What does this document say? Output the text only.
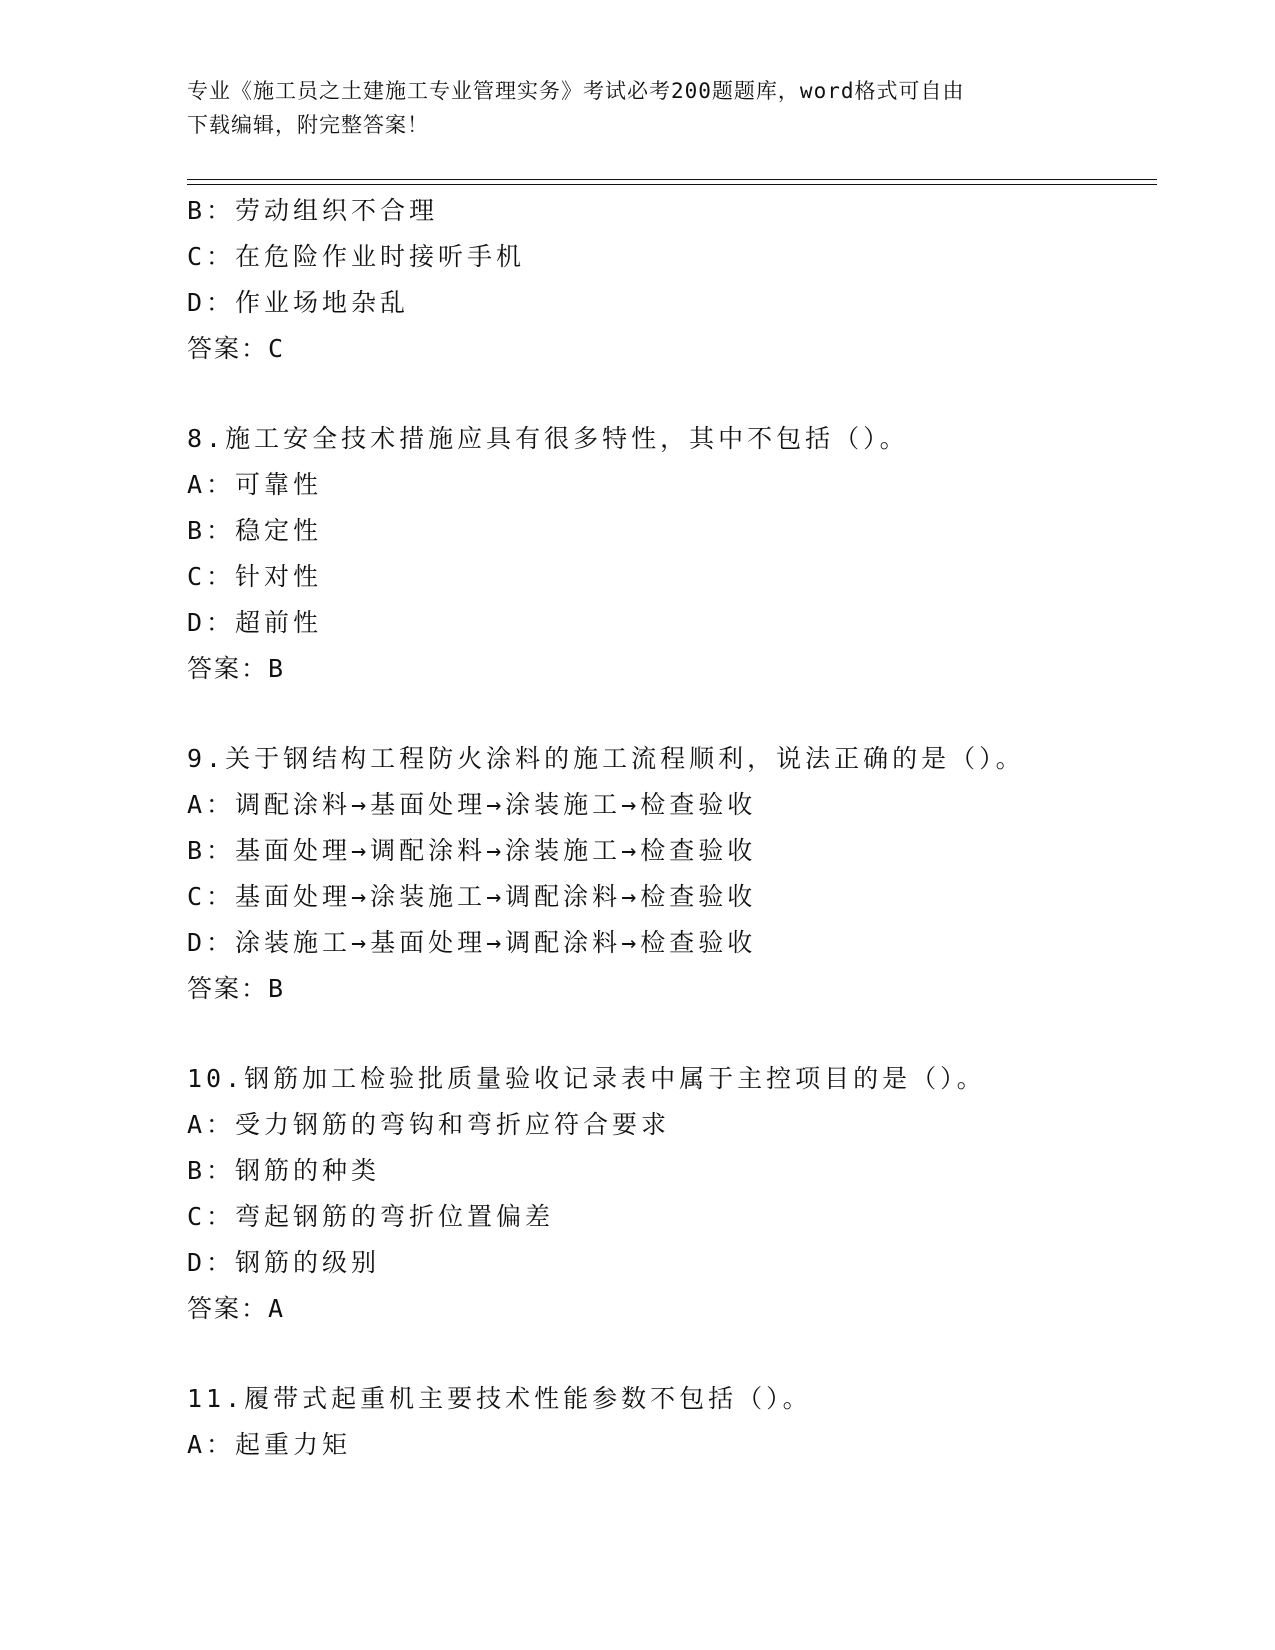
专业《施工员之土建施工专业管理实务》考试必考200题题库，word格式可自由
下载编辑，附完整答案！
B：劳动组织不合理
C：在危险作业时接听手机
D：作业场地杂乱
答案：C
8.施工安全技术措施应具有很多特性，其中不包括（）。
A：可靠性
B：稳定性
C：针对性
D：超前性
答案：B
9.关于钢结构工程防火涂料的施工流程顺利，说法正确的是（）。
A：调配涂料→基面处理→涂装施工→检查验收
B：基面处理→调配涂料→涂装施工→检查验收
C：基面处理→涂装施工→调配涂料→检查验收
D：涂装施工→基面处理→调配涂料→检查验收
答案：B
10.钢筋加工检验批质量验收记录表中属于主控项目的是（）。
A：受力钢筋的弯钩和弯折应符合要求
B：钢筋的种类
C：弯起钢筋的弯折位置偏差
D：钢筋的级别
答案：A
11.履带式起重机主要技术性能参数不包括（）。
A：起重力矩
